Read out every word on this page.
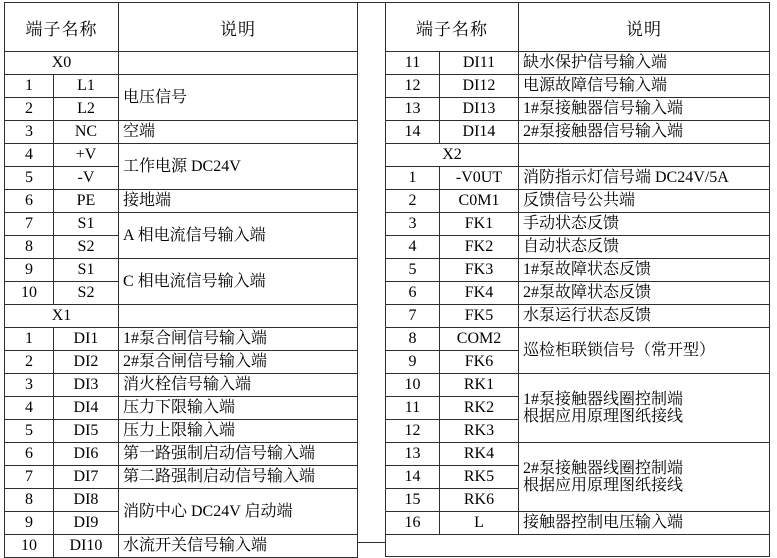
端子名称		说明
X0		
1	L1	电压信号
2	L2	
3	NC	空端
4	+V	工作电源 DC24V
5	-V	
6	PE	接地端
7	S1	A 相电流信号输入端
8	S2	
9	S1	C 相电流信号输入端
10	S2	
X1		
1	DI1	1#泵合闸信号输入端
2	DI2	2#泵合闸信号输入端
3	DI3	消火栓信号输入端
4	DI4	压力下限输入端
5	DI5	压力上限输入端
6	DI6	第一路强制启动信号输入端
7	DI7	第二路强制启动信号输入端
8	DI8	消防中心 DC24V 启动端
9	DI9	
10	DI10	水流开关信号输入端
端子名称		说明
11	DI11	缺水保护信号输入端
12	DI12	电源故障信号输入端
13	DI13	1#泵接触器信号输入端
14	DI14	2#泵接触器信号输入端
X2		
1	-V0UT	消防指示灯信号端 DC24V/5A
2	C0M1	反馈信号公共端
3	FK1	手动状态反馈
4	FK2	自动状态反馈
5	FK3	1#泵故障状态反馈
6	FK4	2#泵故障状态反馈
7	FK5	水泵运行状态反馈
8	COM2	巡检柜联锁信号（常开型）
9	FK6	
10	RK1	1#泵接触器线圈控制端
根据应用原理图纸接线
11	RK2	
12	RK3	
13	RK4	2#泵接触器线圈控制端
根据应用原理图纸接线
14	RK5	
15	RK6	
16	L	接触器控制电压输入端
